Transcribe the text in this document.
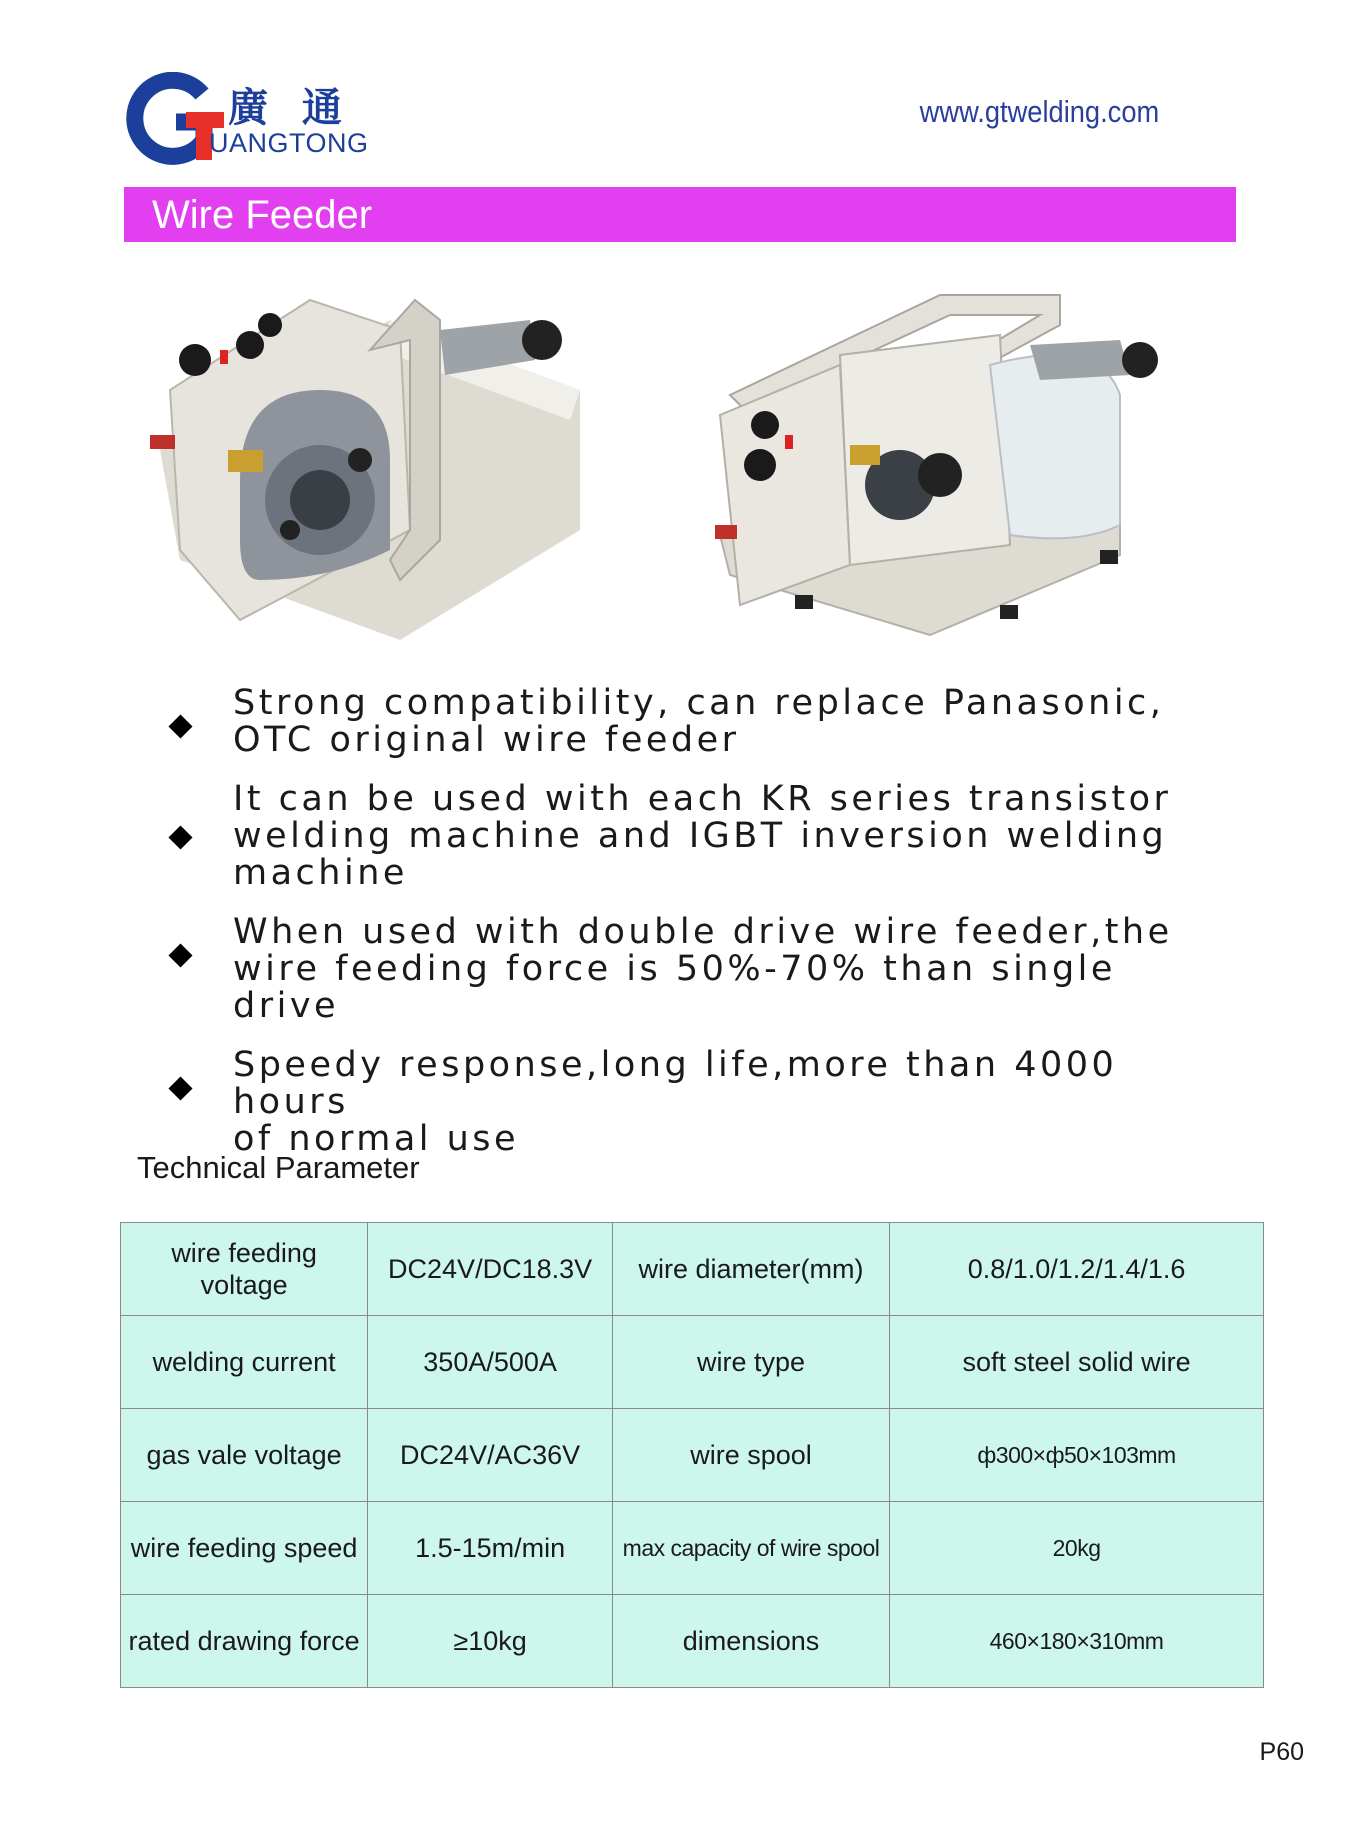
廣 通
UANGTONG
www.gtwelding.com
Wire Feeder
Strong compatibility, can replace Panasonic,
OTC original wire feeder
It can be used with each KR series transistor
welding machine and IGBT inversion welding
machine
When used with double drive wire feeder,the
wire feeding force is 50%-70% than single drive
Speedy response,long life,more than 4000 hours
of normal use
Technical Parameter
wire feeding voltage	DC24V/DC18.3V	wire diameter(mm)	0.8/1.0/1.2/1.4/1.6
welding current	350A/500A	wire type	soft steel solid wire
gas vale voltage	DC24V/AC36V	wire spool	ф300×ф50×103mm
wire feeding speed	1.5-15m/min	max capacity of wire spool	20kg
rated drawing force	≥10kg	dimensions	460×180×310mm
P60
